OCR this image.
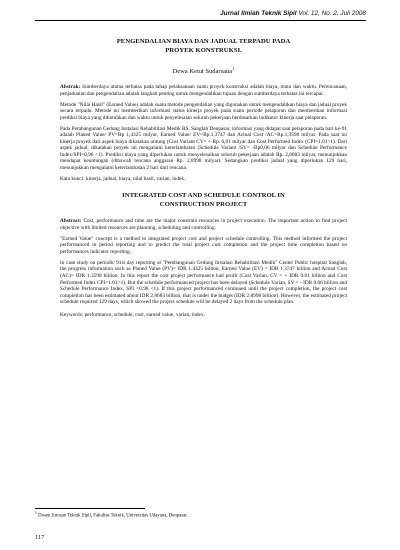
Jurnal Ilmiah Teknik Sipil Vol. 12, No. 2, Juli 2008
PENGENDALIAN BIAYA DAN JADUAL TERPADU PADA
PROYEK KONSTRUKSI.
Dewa Ketut Sudarsana$^1$

Abstrak: Sumberdaya utama terbatas pada tahap pelaksanaan suatu proyek konstruksi adalah biaya, mutu dan waktu. Perencanaan, penjadualan dan pengendalian adalah langkah penting untuk mengendalikan tujuan dengan sumberdaya terbatas ini tercapai.

Metode "Nilai Hasil" (Earned Value) adalah suatu metode pengendalian yang digunakan untuk mengendalikan biaya dan jadual proyek secara terpadu. Metode ini memberikan informasi status kinerja proyek pada suatu periode pelaporan dan memberikan informasi prediksi biaya yang dibutuhkan dan waktu untuk penyelesaian seluruh pekerjaan berdasarkan indikator kinerja saat pelaporan.

Pada Pembangunan Gedung Instalasi Rehabilitasi Medik RS. Sanglah Denpasar, informasi yang didapat saat pelaporan pada hari ke-91 adalah Planed Value/ PV=Rp 1,4325 milyar, Earned Value/ EV=Rp.1,3747 dan Actual Cost /AC=Rp.1,3598 milyar. Pada saat ini kinerja proyek dari aspek biaya dikatakan untung (Cost Variant CV= + Rp. 0,01 milyar dan Cost Performed Index (CPI=1,01>1). Dari aspek jadual, dikatakan proyek ini mengalami keterlambatan (Schedule Variant /SV= -Rp0,06 milyar dan Schedule Performance Index/SPI=0,96 <1). Prediksi biaya yang diperlukan untuk menyelesaikan seluruh pekerjaan adalah Rp. 2,8683 milyar, menunjukkan mendapat keuntungan (dibawah rencana anggaran Rp. 2,8998 milyar). Sedangkan prediksi jadual yang diperlukan 129 hari, menunjukkan mengalami keterlambatan 2 hari dari rencana.

Kata kunci: kinerja, jadual, biaya, nilai hasil, varian, indek.

INTEGRATED COST AND SCHEDULE CONTROL IN
CONSTRUCTION PROJECT

Abstract: Cost, performance and time are the major constrain resources in project execution. The important action to find project objective with limited resources are planning, scheduling and controlling.

"Earned Value" concept is a method to integrated project cost and project schedule controlling. This method informed the project performanced in period reporting and to predict the total project cost completion and the project time completion based on performances indicator reporting.

In case study on periodic 91st day reporting at "Pembangunan Gedung Instalasi Rehabilitasi Medik" Center Public hospital Sanglah, the progress information such as Planed Value (PV)= IDR 1.4325 billion, Earned Value (EV) = IDR 1.3747 billion and Actual Cost (AC)= IDR 1.3598 billion. In this report the cost project performance had profit (Cost Varian, CV = + IDR 0.01 billion and Cost Performed Index CPI=1.01>1). But the schedule performanced project has been delayed (Schedule Varian, SV = - IDR 0.06 billion and Schedule Performance Index, SPI =0.96 <1). If this project performanced continued until the project completion, the project cost completion has been estimated about IDR 2.8683 billion, that is under the budget (IDR 2.8998 billion). However, the estimated project schedule required 129 days, which showed the project schedule will be delayed 2 days from the schedule plan.

Keywords: performance, schedule, cost, earned value, varian, index.

$^1$ Dosen Jurusan Teknik Sipil, Fakultas Teknik, Universitas Udayana, Denpasar.
117
